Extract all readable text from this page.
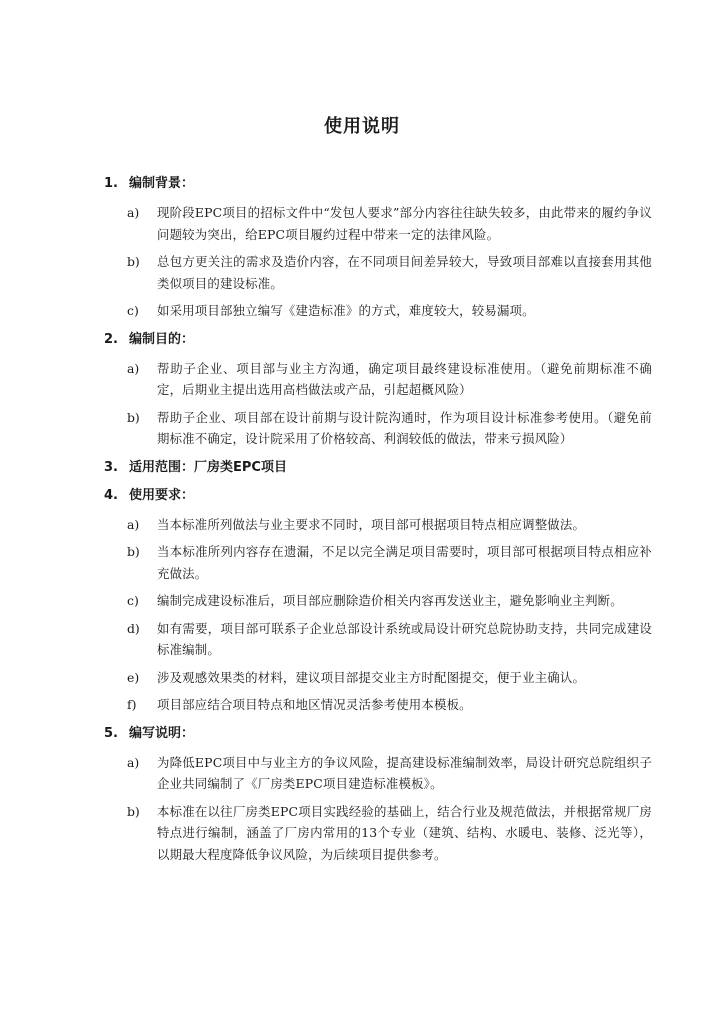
使用说明
1. 编制背景：
a)	现阶段EPC项目的招标文件中“发包人要求”部分内容往往缺失较多，由此带来的履约争议问题较为突出，给EPC项目履约过程中带来一定的法律风险。
b)	总包方更关注的需求及造价内容，在不同项目间差异较大，导致项目部难以直接套用其他类似项目的建设标准。
c)	如采用项目部独立编写《建造标准》的方式，难度较大，较易漏项。
2. 编制目的：
a)	帮助子企业、项目部与业主方沟通，确定项目最终建设标准使用。（避免前期标准不确定，后期业主提出选用高档做法或产品，引起超概风险）
b)	帮助子企业、项目部在设计前期与设计院沟通时，作为项目设计标准参考使用。（避免前期标准不确定，设计院采用了价格较高、利润较低的做法，带来亏损风险）
3. 适用范围：厂房类EPC项目
4. 使用要求：
a)	当本标准所列做法与业主要求不同时，项目部可根据项目特点相应调整做法。
b)	当本标准所列内容存在遗漏，不足以完全满足项目需要时，项目部可根据项目特点相应补充做法。
c)	编制完成建设标准后，项目部应删除造价相关内容再发送业主，避免影响业主判断。
d)	如有需要，项目部可联系子企业总部设计系统或局设计研究总院协助支持，共同完成建设标准编制。
e)	涉及观感效果类的材料，建议项目部提交业主方时配图提交，便于业主确认。
f)	项目部应结合项目特点和地区情况灵活参考使用本模板。
5. 编写说明：
a)	为降低EPC项目中与业主方的争议风险，提高建设标准编制效率，局设计研究总院组织子企业共同编制了《厂房类EPC项目建造标准模板》。
b)	本标准在以往厂房类EPC项目实践经验的基础上，结合行业及规范做法，并根据常规厂房特点进行编制，涵盖了厂房内常用的13个专业（建筑、结构、水暖电、装修、泛光等），以期最大程度降低争议风险，为后续项目提供参考。
